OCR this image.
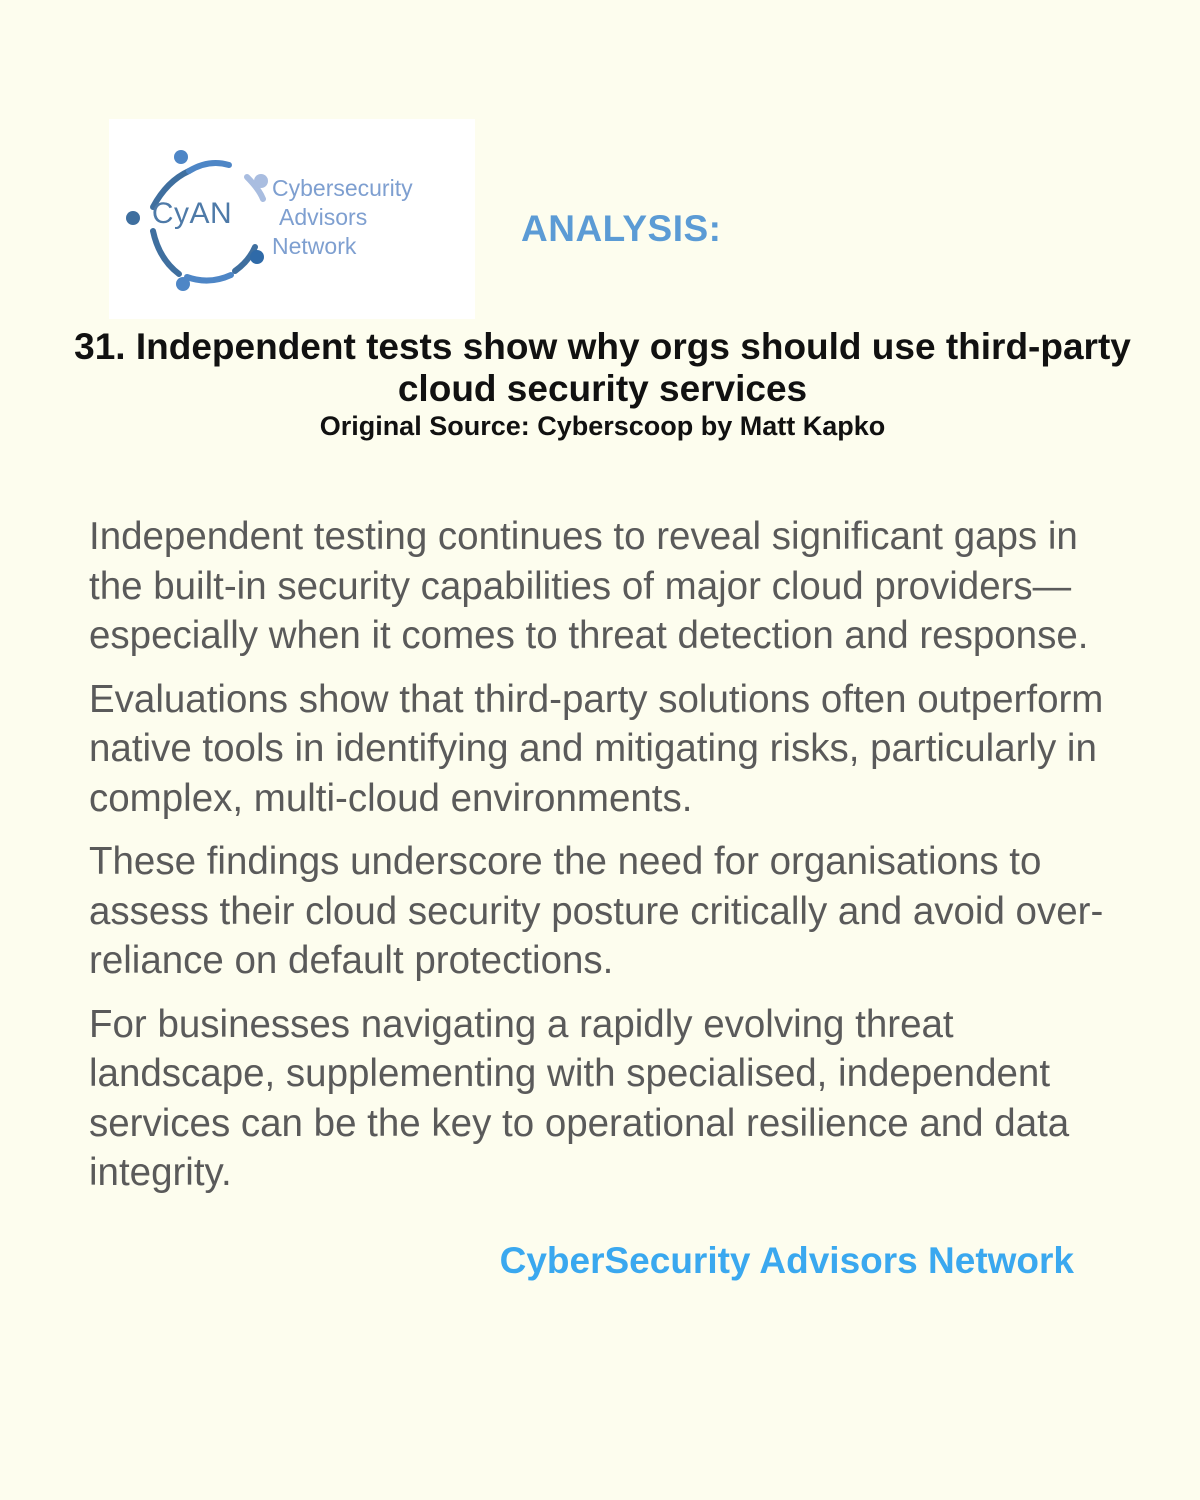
CyAN
Cybersecurity
Advisors
Network	ANALYSIS:
31. Independent tests show why orgs should use third-party cloud security services
Original Source: Cyberscoop by Matt Kapko

Independent testing continues to reveal significant gaps in the built-in security capabilities of major cloud providers—especially when it comes to threat detection and response.

Evaluations show that third-party solutions often outperform native tools in identifying and mitigating risks, particularly in complex, multi-cloud environments.

These findings underscore the need for organisations to assess their cloud security posture critically and avoid over-reliance on default protections.

For businesses navigating a rapidly evolving threat landscape, supplementing with specialised, independent services can be the key to operational resilience and data integrity.

CyberSecurity Advisors Network
